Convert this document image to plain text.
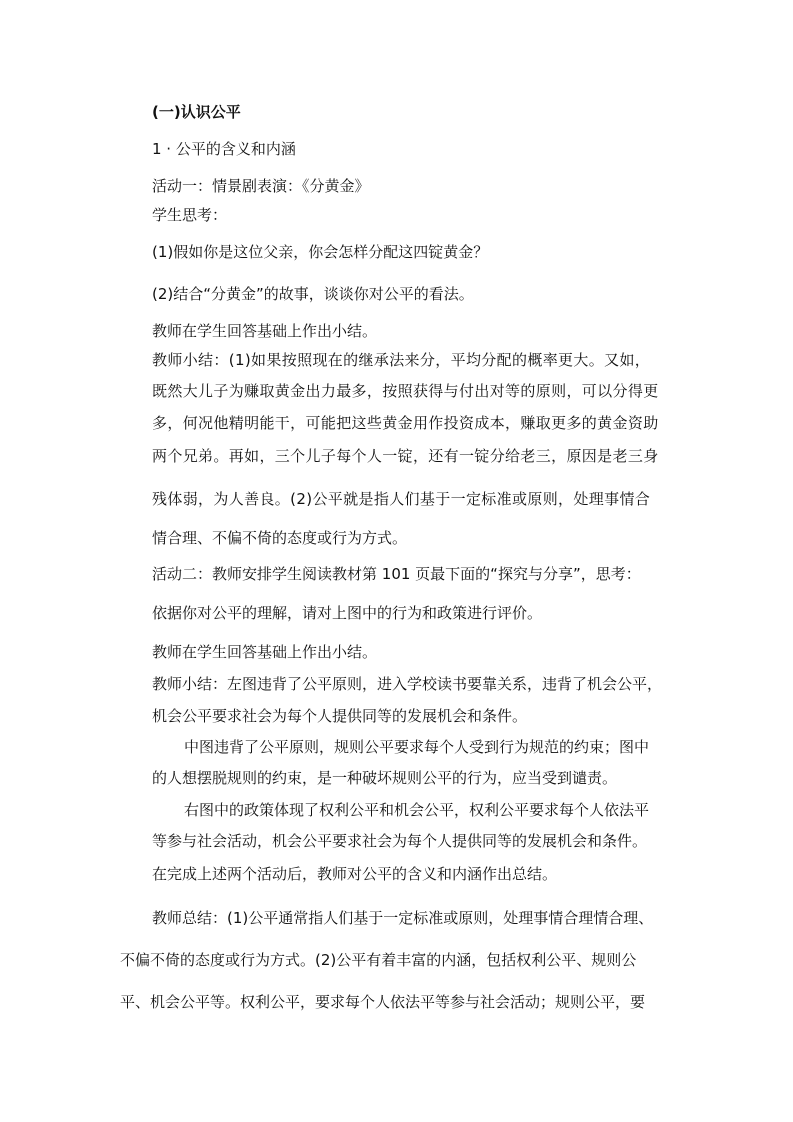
(一)认识公平
1 · 公平的含义和内涵
活动一：情景剧表演：《分黄金》
学生思考：
(1)假如你是这位父亲，你会怎样分配这四锭黄金？
(2)结合“分黄金”的故事，谈谈你对公平的看法。
教师在学生回答基础上作出小结。
教师小结：(1)如果按照现在的继承法来分，平均分配的概率更大。又如，
既然大儿子为赚取黄金出力最多，按照获得与付出对等的原则，可以分得更
多，何况他精明能干，可能把这些黄金用作投资成本，赚取更多的黄金资助
两个兄弟。再如，三个儿子每个人一锭，还有一锭分给老三，原因是老三身
残体弱，为人善良。(2)公平就是指人们基于一定标准或原则，处理事情合
情合理、不偏不倚的态度或行为方式。
活动二：教师安排学生阅读教材第 101 页最下面的“探究与分享”，思考：
依据你对公平的理解，请对上图中的行为和政策进行评价。
教师在学生回答基础上作出小结。
教师小结：左图违背了公平原则，进入学校读书要靠关系，违背了机会公平，
机会公平要求社会为每个人提供同等的发展机会和条件。
中图违背了公平原则，规则公平要求每个人受到行为规范的约束；图中
的人想摆脱规则的约束，是一种破坏规则公平的行为，应当受到谴责。
右图中的政策体现了权利公平和机会公平，权利公平要求每个人依法平
等参与社会活动，机会公平要求社会为每个人提供同等的发展机会和条件。
在完成上述两个活动后，教师对公平的含义和内涵作出总结。
教师总结：(1)公平通常指人们基于一定标准或原则，处理事情合理情合理、
不偏不倚的态度或行为方式。(2)公平有着丰富的内涵，包括权利公平、规则公
平、机会公平等。权利公平，要求每个人依法平等参与社会活动；规则公平，要
